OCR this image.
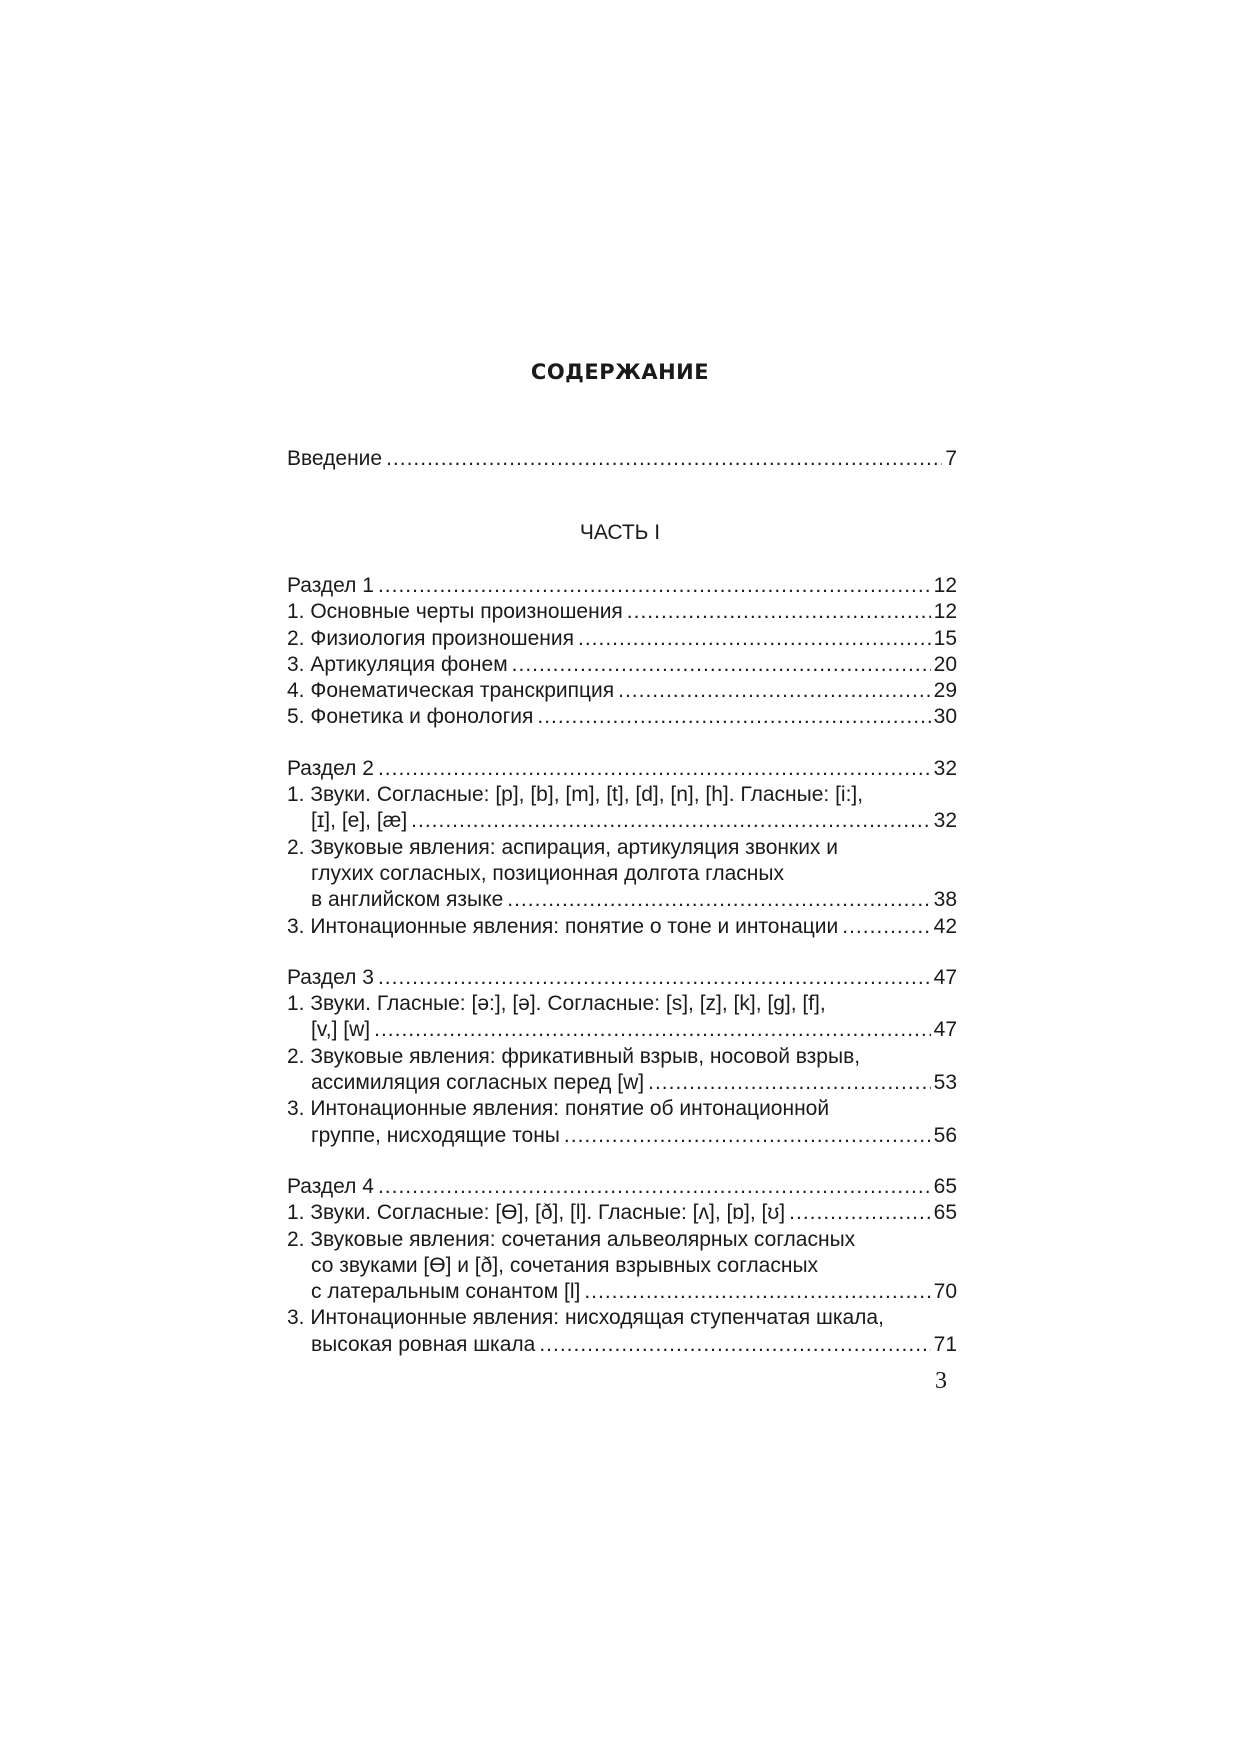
СОДЕРЖАНИЕ
Введение .....	7
ЧАСТЬ I
Раздел 1 .....	12
1. Основные черты произношения .....	12
2. Физиология произношения .....	15
3. Артикуляция фонем .....	20
4. Фонематическая транскрипция .....	29
5. Фонетика и фонология .....	30
Раздел 2 .....	32
1. Звуки. Согласные: [p], [b], [m], [t], [d], [n], [h]. Гласные: [i:],
[ɪ], [e], [æ] .....	32
2. Звуковые явления: аспирация, артикуляция звонких и
глухих согласных, позиционная долгота гласных
в английском языке .....	38
3. Интонационные явления: понятие о тоне и интонации .....	42
Раздел 3 .....	47
1. Звуки. Гласные: [ə:], [ə]. Согласные: [s], [z], [k], [g], [f],
[v,] [w] .....	47
2. Звуковые явления: фрикативный взрыв, носовой взрыв,
ассимиляция согласных перед [w] .....	53
3. Интонационные явления: понятие об интонационной
группе, нисходящие тоны .....	56
Раздел 4 .....	65
1. Звуки. Согласные: [Ɵ], [ð], [l]. Гласные: [ʌ], [ɒ], [ʊ] .....	65
2. Звуковые явления: сочетания альвеолярных согласных
со звуками [Ɵ] и [ð], сочетания взрывных согласных
с латеральным сонантом [l] .....	70
3. Интонационные явления: нисходящая ступенчатая шкала,
высокая ровная шкала .....	71
3
